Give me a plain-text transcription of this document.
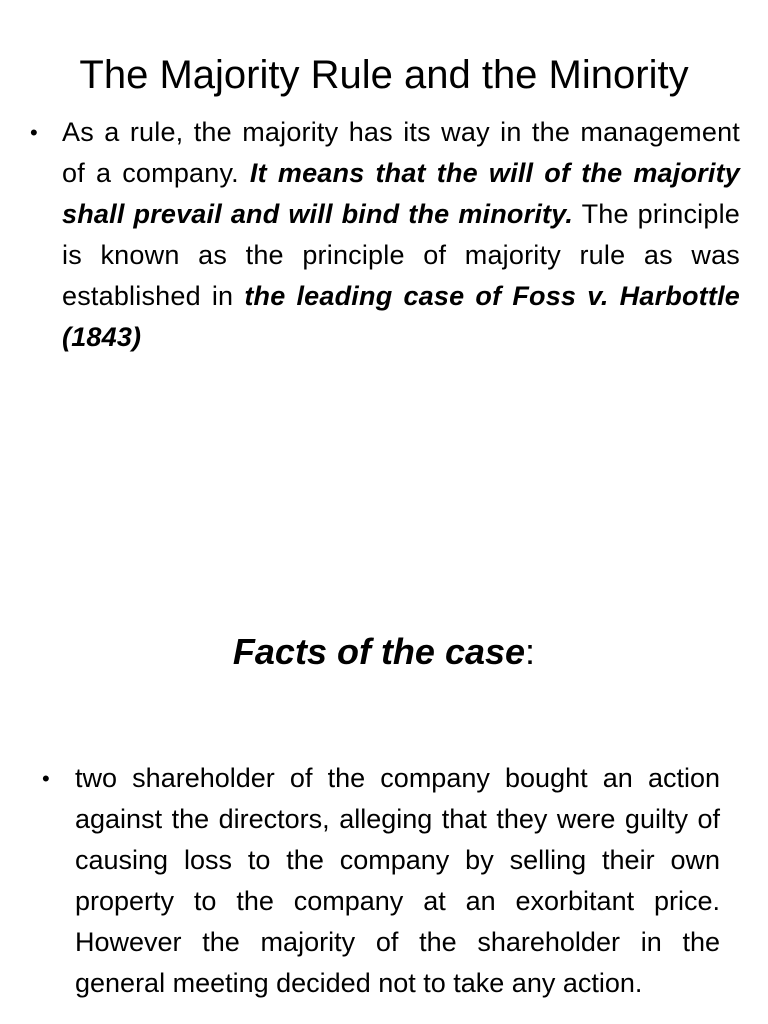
The Majority Rule and the Minority
• As a rule, the majority has its way in the management of a company. It means that the will of the majority shall prevail and will bind the minority. The principle is known as the principle of majority rule as was established in the leading case of Foss v. Harbottle (1843)

Facts of the case:
• two shareholder of the company bought an action against the directors, alleging that they were guilty of causing loss to the company by selling their own property to the company at an exorbitant price. However the majority of the shareholder in the general meeting decided not to take any action.
